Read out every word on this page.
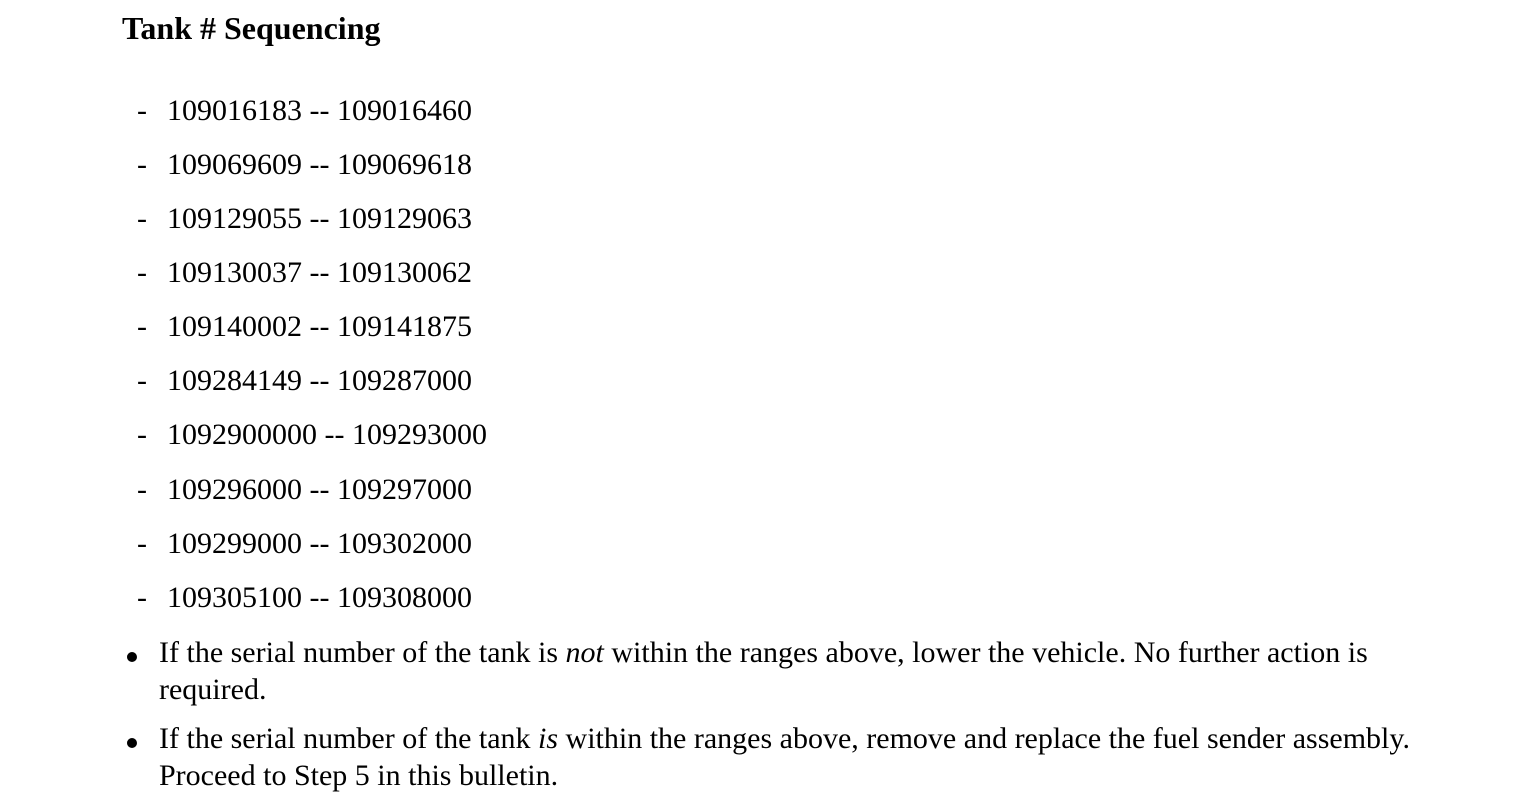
Tank # Sequencing
- 109016183 -- 109016460
- 109069609 -- 109069618
- 109129055 -- 109129063
- 109130037 -- 109130062
- 109140002 -- 109141875
- 109284149 -- 109287000
- 1092900000 -- 109293000
- 109296000 -- 109297000
- 109299000 -- 109302000
- 109305100 -- 109308000
If the serial number of the tank is not within the ranges above, lower the vehicle. No further action is required.
If the serial number of the tank is within the ranges above, remove and replace the fuel sender assembly. Proceed to Step 5 in this bulletin.
